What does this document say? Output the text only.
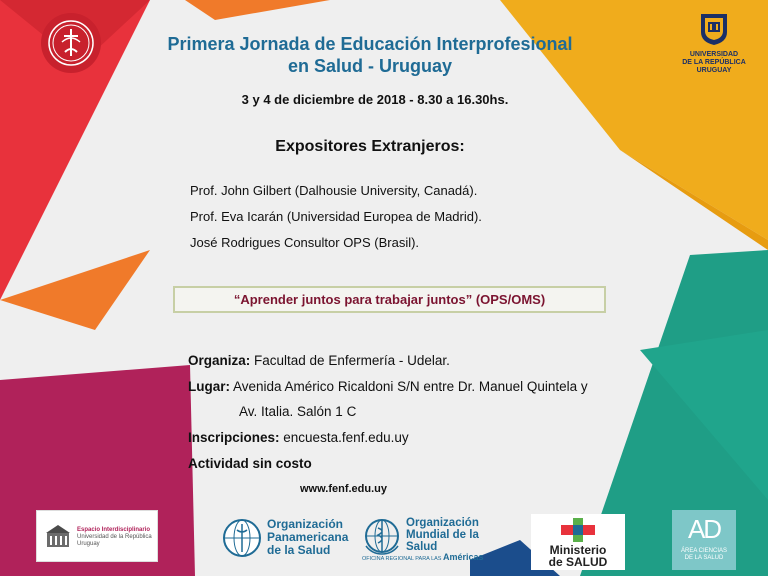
UNIVERSIDAD
DE LA REPÚBLICA
URUGUAY
Primera Jornada de Educación Interprofesional
en Salud - Uruguay
3 y 4 de diciembre de 2018 - 8.30 a 16.30hs.
Expositores Extranjeros:
Prof. John Gilbert (Dalhousie University, Canadá).
Prof. Eva Icarán (Universidad Europea de Madrid).
José Rodrigues Consultor OPS (Brasil).
“Aprender juntos para trabajar juntos” (OPS/OMS)
Organiza: Facultad de Enfermería - Udelar.
Lugar: Avenida Américo Ricaldoni S/N entre Dr. Manuel Quintela y
Av. Italia. Salón 1 C
Inscripciones: encuesta.fenf.edu.uy
Actividad sin costo
www.fenf.edu.uy
Espacio Interdisciplinario
Universidad de la República
Uruguay
Organización
Panamericana
de la Salud
Organización
Mundial de la Salud
OFICINA REGIONAL PARA LAS Américas	Ministerio
de SALUD
AD
ÁREA CIENCIAS
DE LA SALUD
